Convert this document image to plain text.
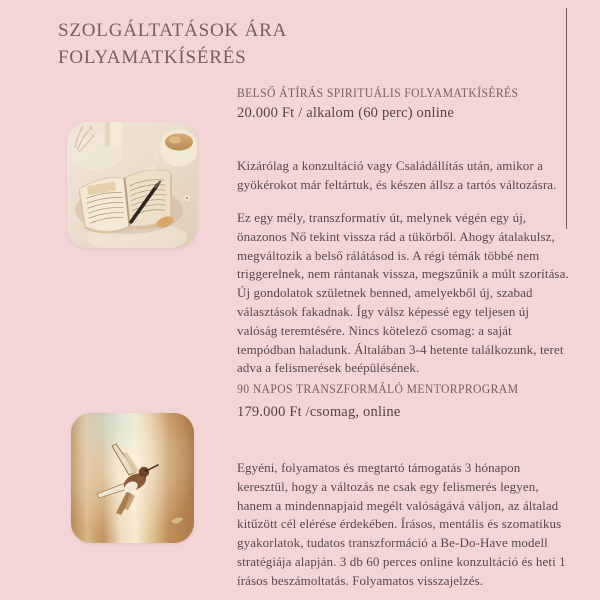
SZOLGÁLTATÁSOK ÁRA
FOLYAMATKÍSÉRÉS
BELSŐ ÁTÍRÁS SPIRITUÁLIS FOLYAMATKÍSÉRÉS
20.000 Ft / alkalom (60 perc) online

Kizárólag a konzultáció vagy Családállítás után, amikor a gyökérokot már feltártuk, és készen állsz a tartós változásra.

Ez egy mély, transzformatív út, melynek végén egy új, önazonos Nő tekint vissza rád a tükörből. Ahogy átalakulsz, megváltozik a belső rálátásod is. A régi témák többé nem triggerelnek, nem rántanak vissza, megszűnik a múlt szorítása. Új gondolatok születnek benned, amelyekből új, szabad választások fakadnak. Így válsz képessé egy teljesen új valóság teremtésére. Nincs kötelező csomag: a saját tempódban haladunk. Általában 3-4 hetente találkozunk, teret adva a felismerések beépülésének.

90 NAPOS TRANSZFORMÁLÓ MENTORPROGRAM
179.000 Ft /csomag, online

Egyéni, folyamatos és megtartó támogatás 3 hónapon keresztül, hogy a változás ne csak egy felismerés legyen, hanem a mindennapjaid megélt valóságává váljon, az általad kitűzött cél elérése érdekében. Írásos, mentális és szomatikus gyakorlatok, tudatos transzformáció a Be-Do-Have modell stratégiája alapján. 3 db 60 perces online konzultáció és heti 1 írásos beszámoltatás. Folyamatos visszajelzés.
